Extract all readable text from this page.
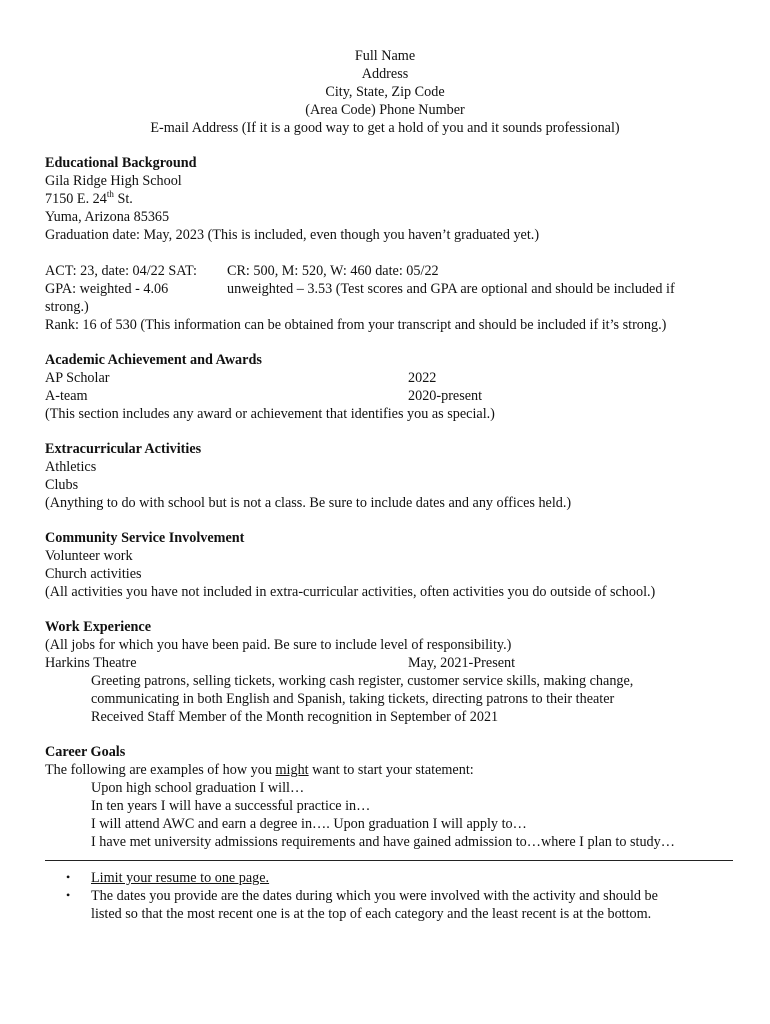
Full Name
Address
City, State, Zip Code
(Area Code) Phone Number
E-mail Address (If it is a good way to get a hold of you and it sounds professional)
Educational Background
Gila Ridge High School
7150 E. 24th St.
Yuma, Arizona 85365
Graduation date: May, 2023 (This is included, even though you haven’t graduated yet.)
ACT: 23, date: 04/22 SAT: CR: 500, M: 520, W: 460 date: 05/22
GPA: weighted - 4.06	unweighted – 3.53 (Test scores and GPA are optional and should be included if
strong.)
Rank: 16 of 530 (This information can be obtained from your transcript and should be included if it’s strong.)
Academic Achievement and Awards
AP Scholar	2022
A-team	2020-present
(This section includes any award or achievement that identifies you as special.)
Extracurricular Activities
Athletics
Clubs
(Anything to do with school but is not a class. Be sure to include dates and any offices held.)
Community Service Involvement
Volunteer work
Church activities
(All activities you have not included in extra-curricular activities, often activities you do outside of school.)
Work Experience
(All jobs for which you have been paid. Be sure to include level of responsibility.)
Harkins Theatre	May, 2021-Present
Greeting patrons, selling tickets, working cash register, customer service skills, making change,
communicating in both English and Spanish, taking tickets, directing patrons to their theater
Received Staff Member of the Month recognition in September of 2021
Career Goals
The following are examples of how you might want to start your statement:
Upon high school graduation I will…
In ten years I will have a successful practice in…
I will attend AWC and earn a degree in…. Upon graduation I will apply to…
I have met university admissions requirements and have gained admission to…where I plan to study…
• Limit your resume to one page.
• The dates you provide are the dates during which you were involved with the activity and should be
listed so that the most recent one is at the top of each category and the least recent is at the bottom.
